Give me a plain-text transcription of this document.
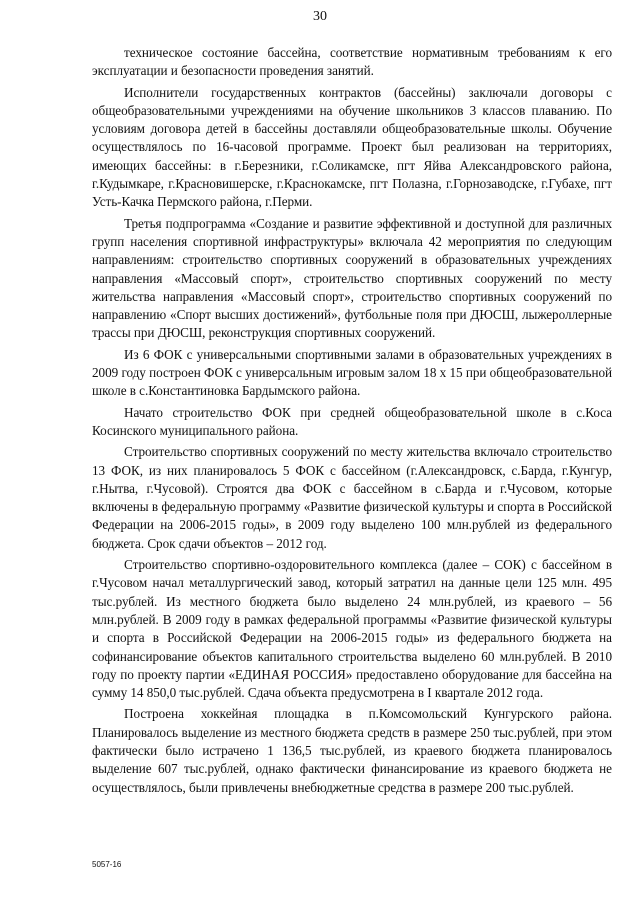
30

техническое состояние бассейна, соответствие нормативным требованиям к его эксплуатации и безопасности проведения занятий.

Исполнители государственных контрактов (бассейны) заключали договоры с общеобразовательными учреждениями на обучение школьников 3 классов плаванию. По условиям договора детей в бассейны доставляли общеобразовательные школы. Обучение осуществлялось по 16-часовой программе. Проект был реализован на территориях, имеющих бассейны: в г.Березники, г.Соликамске, пгт Яйва Александровского района, г.Кудымкаре, г.Красновишерске, г.Краснокамске, пгт Полазна, г.Горнозаводске, г.Губахе, пгт Усть-Качка Пермского района, г.Перми.

Третья подпрограмма «Создание и развитие эффективной и доступной для различных групп населения спортивной инфраструктуры» включала 42 мероприятия по следующим направлениям: строительство спортивных сооружений в образовательных учреждениях направления «Массовый спорт», строительство спортивных сооружений по месту жительства направления «Массовый спорт», строительство спортивных сооружений по направлению «Спорт высших достижений», футбольные поля при ДЮСШ, лыжероллерные трассы при ДЮСШ, реконструкция спортивных сооружений.

Из 6 ФОК с универсальными спортивными залами в образовательных учреждениях в 2009 году построен ФОК с универсальным игровым залом 18 х 15 при общеобразовательной школе в с.Константиновка Бардымского района.

Начато строительство ФОК при средней общеобразовательной школе в с.Коса Косинского муниципального района.

Строительство спортивных сооружений по месту жительства включало строительство 13 ФОК, из них планировалось 5 ФОК с бассейном (г.Александровск, с.Барда, г.Кунгур, г.Нытва, г.Чусовой). Строятся два ФОК с бассейном в с.Барда и г.Чусовом, которые включены в федеральную программу «Развитие физической культуры и спорта в Российской Федерации на 2006-2015 годы», в 2009 году выделено 100 млн.рублей из федерального бюджета. Срок сдачи объектов – 2012 год.

Строительство спортивно-оздоровительного комплекса (далее – СОК) с бассейном в г.Чусовом начал металлургический завод, который затратил на данные цели 125 млн. 495 тыс.рублей. Из местного бюджета было выделено 24 млн.рублей, из краевого – 56 млн.рублей. В 2009 году в рамках федеральной программы «Развитие физической культуры и спорта в Российской Федерации на 2006-2015 годы» из федерального бюджета на софинансирование объектов капитального строительства выделено 60 млн.рублей. В 2010 году по проекту партии «ЕДИНАЯ РОССИЯ» предоставлено оборудование для бассейна на сумму 14 850,0 тыс.рублей. Сдача объекта предусмотрена в I квартале 2012 года.

Построена хоккейная площадка в п.Комсомольский Кунгурского района. Планировалось выделение из местного бюджета средств в размере 250 тыс.рублей, при этом фактически было истрачено 1 136,5 тыс.рублей, из краевого бюджета планировалось выделение 607 тыс.рублей, однако фактически финансирование из краевого бюджета не осуществлялось, были привлечены внебюджетные средства в размере 200 тыс.рублей.

5057-16
